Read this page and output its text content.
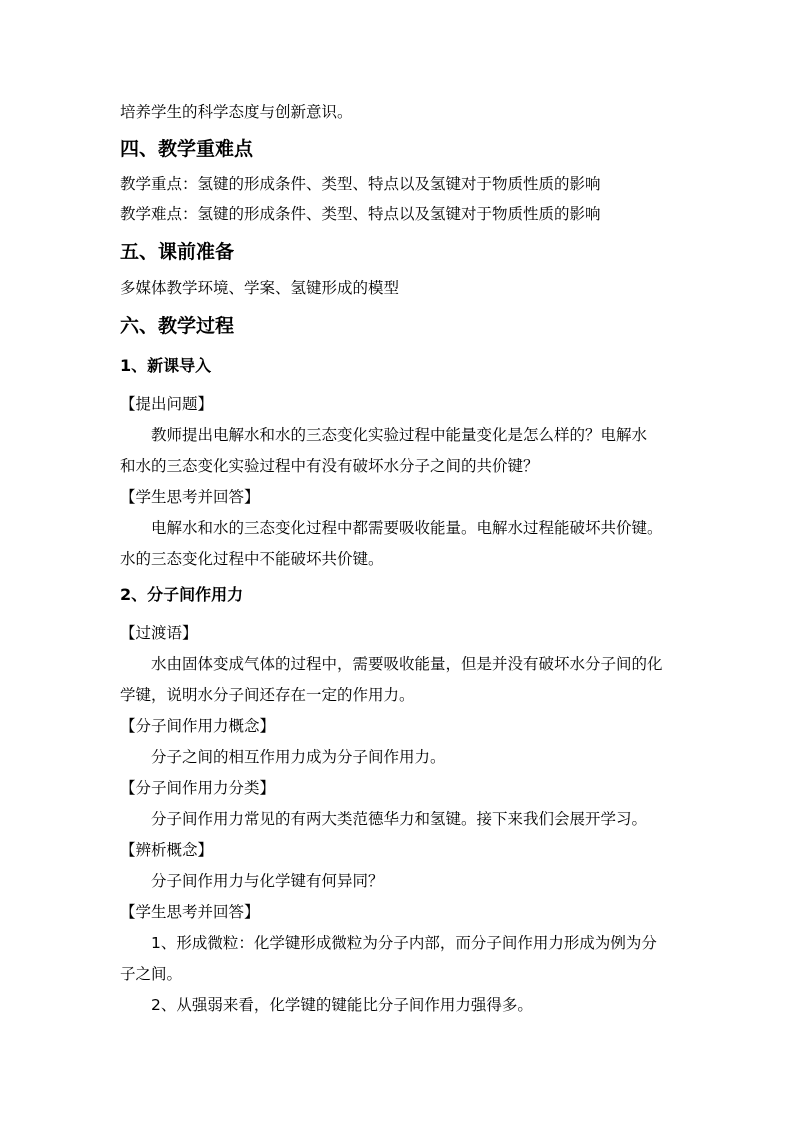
培养学生的科学态度与创新意识。
四、教学重难点
教学重点：氢键的形成条件、类型、特点以及氢键对于物质性质的影响
教学难点：氢键的形成条件、类型、特点以及氢键对于物质性质的影响
五、课前准备
多媒体教学环境、学案、氢键形成的模型
六、教学过程
1、新课导入
【提出问题】
教师提出电解水和水的三态变化实验过程中能量变化是怎么样的？电解水
和水的三态变化实验过程中有没有破坏水分子之间的共价键？
【学生思考并回答】
电解水和水的三态变化过程中都需要吸收能量。电解水过程能破坏共价键。
水的三态变化过程中不能破坏共价键。
2、分子间作用力
【过渡语】
水由固体变成气体的过程中，需要吸收能量，但是并没有破坏水分子间的化
学键，说明水分子间还存在一定的作用力。
【分子间作用力概念】
分子之间的相互作用力成为分子间作用力。
【分子间作用力分类】
分子间作用力常见的有两大类范德华力和氢键。接下来我们会展开学习。
【辨析概念】
分子间作用力与化学键有何异同？
【学生思考并回答】
1、形成微粒：化学键形成微粒为分子内部，而分子间作用力形成为例为分
子之间。
2、从强弱来看，化学键的键能比分子间作用力强得多。
